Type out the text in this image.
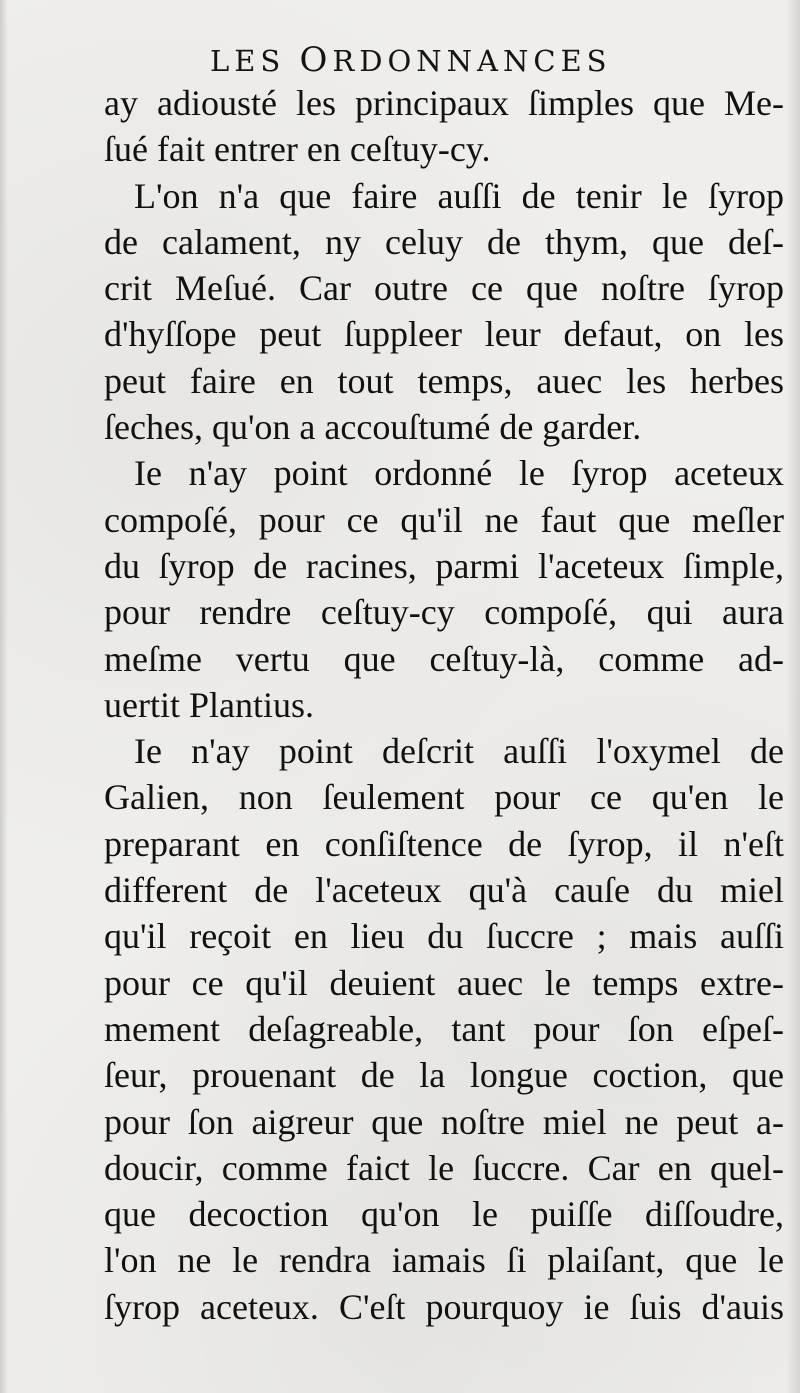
LES ORDONNANCES
ay adiousté les principaux ſimples que Me-
ſué fait entrer en ceſtuy-cy.
L'on n'a que faire auſſi de tenir le ſyrop
de calament, ny celuy de thym, que deſ-
crit Meſué. Car outre ce que noſtre ſyrop
d'hyſſope peut ſuppleer leur defaut, on les
peut faire en tout temps, auec les herbes
ſeches, qu'on a accouſtumé de garder.
Ie n'ay point ordonné le ſyrop aceteux
compoſé, pour ce qu'il ne faut que meſler
du ſyrop de racines, parmi l'aceteux ſimple,
pour rendre ceſtuy-cy compoſé, qui aura
meſme vertu que ceſtuy-là, comme ad-
uertit Plantius.
Ie n'ay point deſcrit auſſi l'oxymel de
Galien, non ſeulement pour ce qu'en le
preparant en conſiſtence de ſyrop, il n'eſt
different de l'aceteux qu'à cauſe du miel
qu'il reçoit en lieu du ſuccre ; mais auſſi
pour ce qu'il deuient auec le temps extre-
mement deſagreable, tant pour ſon eſpeſ-
ſeur, prouenant de la longue coction, que
pour ſon aigreur que noſtre miel ne peut a-
doucir, comme faict le ſuccre. Car en quel-
que decoction qu'on le puiſſe diſſoudre,
l'on ne le rendra iamais ſi plaiſant, que le
ſyrop aceteux. C'eſt pourquoy ie ſuis d'auis
